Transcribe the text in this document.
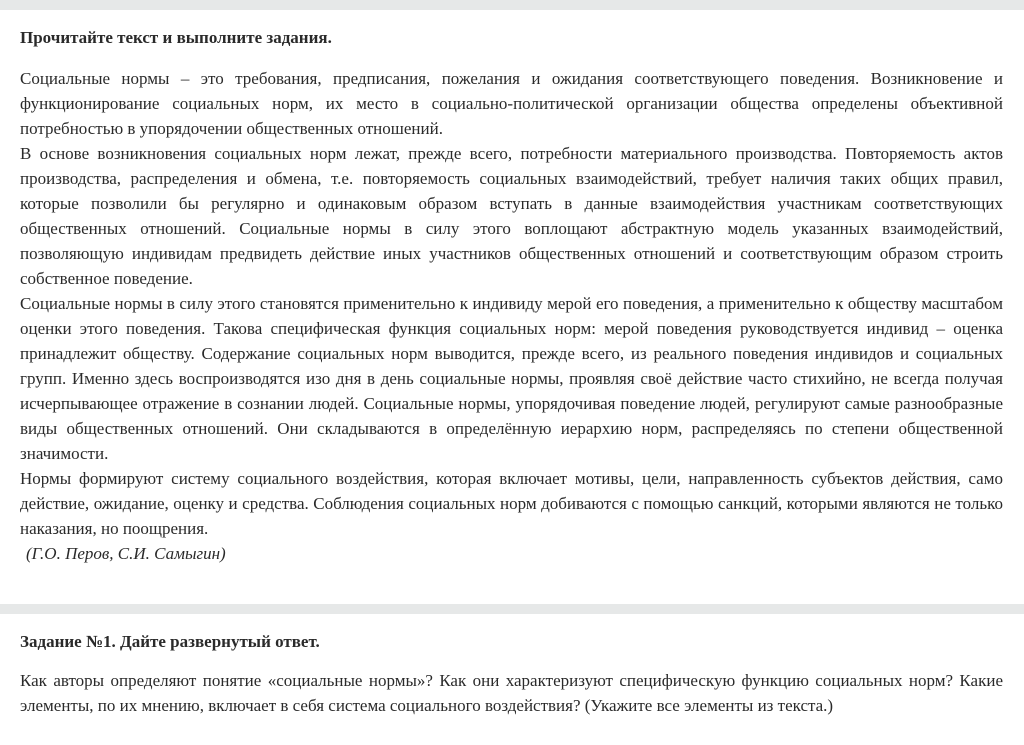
Прочитайте текст и выполните задания.

Социальные нормы – это требования, предписания, пожелания и ожидания соответствующего поведения. Возникновение и функционирование социальных норм, их место в социально-политической организации общества определены объективной потребностью в упорядочении общественных отношений.

В основе возникновения социальных норм лежат, прежде всего, потребности материального производства. Повторяемость актов производства, распределения и обмена, т.е. повторяемость социальных взаимодействий, требует наличия таких общих правил, которые позволили бы регулярно и одинаковым образом вступать в данные взаимодействия участникам соответствующих общественных отношений. Социальные нормы в силу этого воплощают абстрактную модель указанных взаимодействий, позволяющую индивидам предвидеть действие иных участников общественных отношений и соответствующим образом строить собственное поведение.

Социальные нормы в силу этого становятся применительно к индивиду мерой его поведения, а применительно к обществу масштабом оценки этого поведения. Такова специфическая функция социальных норм: мерой поведения руководствуется индивид – оценка принадлежит обществу. Содержание социальных норм выводится, прежде всего, из реального поведения индивидов и социальных групп. Именно здесь воспроизводятся изо дня в день социальные нормы, проявляя своё действие часто стихийно, не всегда получая исчерпывающее отражение в сознании людей. Социальные нормы, упорядочивая поведение людей, регулируют самые разнообразные виды общественных отношений. Они складываются в определённую иерархию норм, распределяясь по степени общественной значимости.

Нормы формируют систему социального воздействия, которая включает мотивы, цели, направленность субъектов действия, само действие, ожидание, оценку и средства. Соблюдения социальных норм добиваются с помощью санкций, которыми являются не только наказания, но поощрения.

(Г.О. Перов, С.И. Самыгин)

Задание №1. Дайте развернутый ответ.

Как авторы определяют понятие «социальные нормы»? Как они характеризуют специфическую функцию социальных норм? Какие элементы, по их мнению, включает в себя система социального воздействия? (Укажите все элементы из текста.)
